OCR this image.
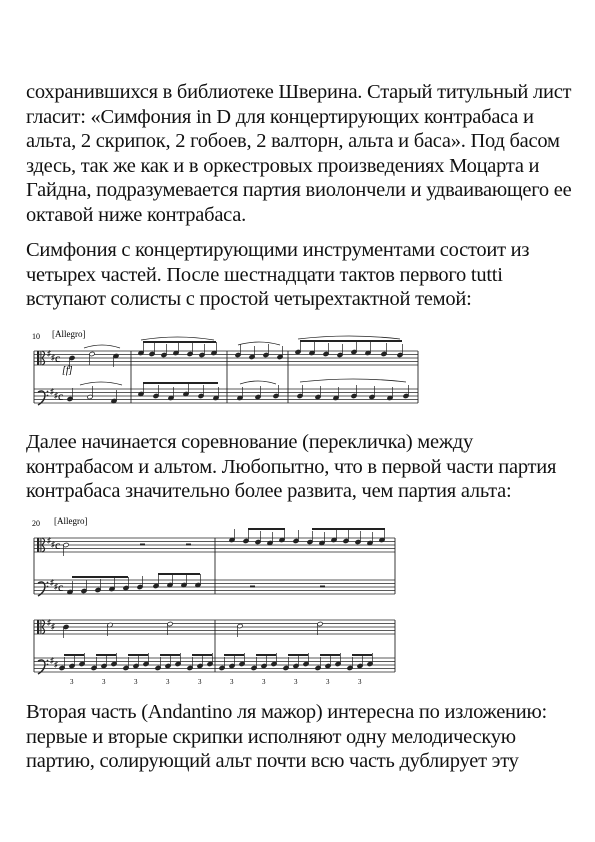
сохранившихся в библиотеке Шверина. Старый титульный лист
гласит: «Симфония in D для концертирующих контрабаса и
альта, 2 скрипок, 2 гобоев, 2 валторн, альта и баса». Под басом
здесь, так же как и в оркестровых произведениях Моцарта и
Гайдна, подразумевается партия виолончели и удваивающего ее
октавой ниже контрабаса.
Симфония с концертирующими инструментами состоит из
четырех частей. После шестнадцати тактов первого tutti
вступают солисты с простой четырехтактной темой:
10 [Allegro]
[f]
♯ ♯ c
♯ ♯ c
Далее начинается соревнование (перекличка) между
контрабасом и альтом. Любопытно, что в первой части партия
контрабаса значительно более развита, чем партия альта:
20 [Allegro]
♯ ♯
♯ ♯
c
c
♯ ♯
♯ ♯
3	3	3	3	3	3	3	3	3	3
Вторая часть (Andantino ля мажор) интересна по изложению:
первые и вторые скрипки исполняют одну мелодическую
партию, солирующий альт почти всю часть дублирует эту
